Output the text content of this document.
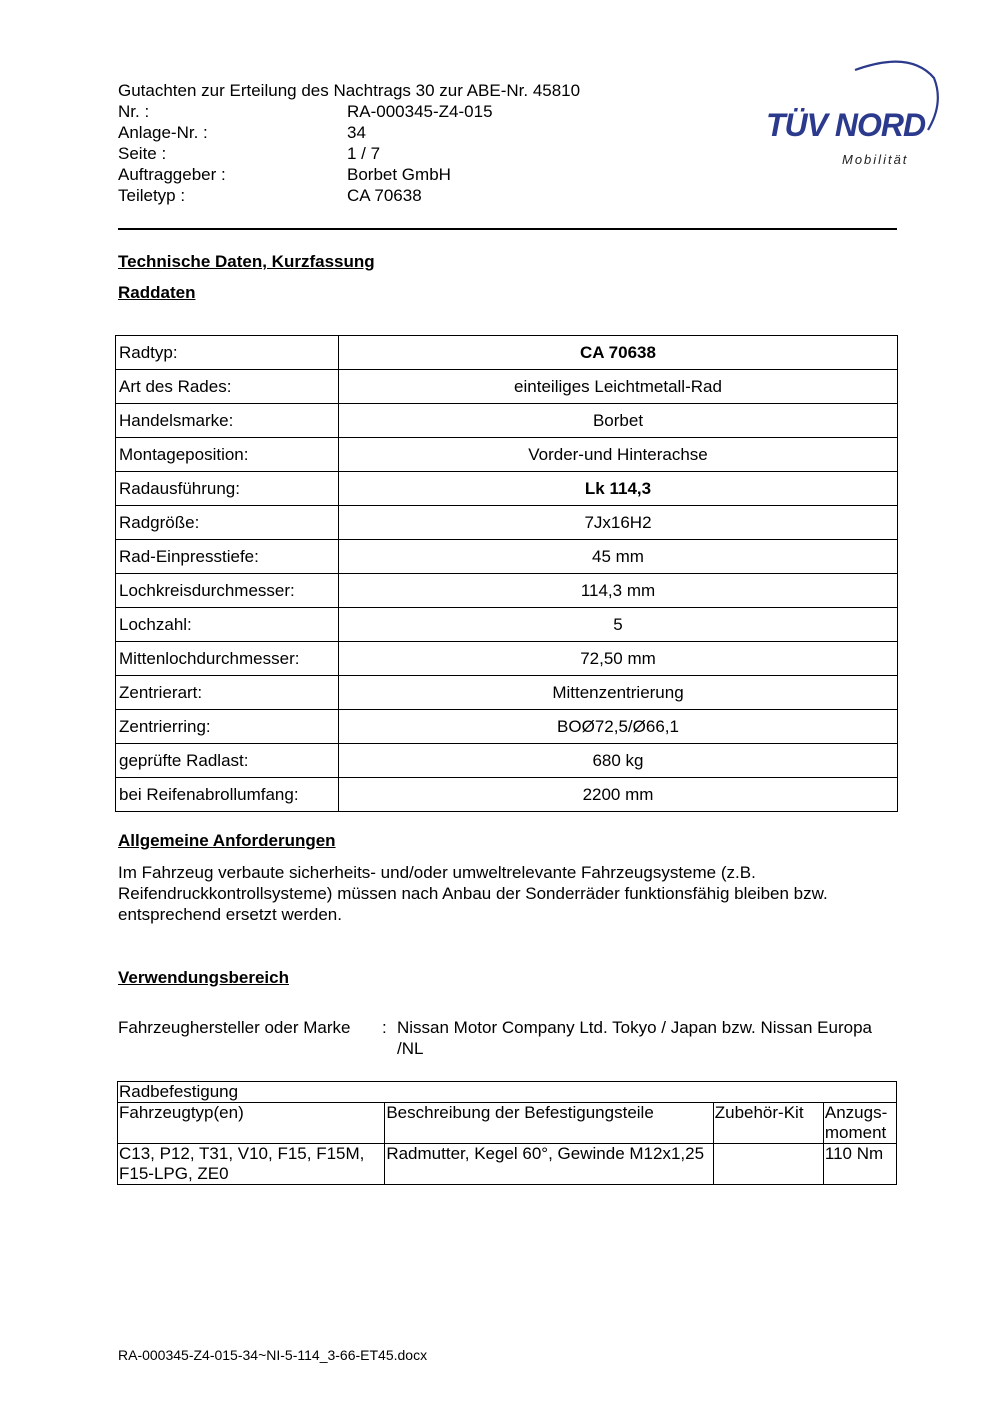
Gutachten zur Erteilung des Nachtrags 30 zur ABE-Nr. 45810
Nr. :	RA-000345-Z4-015
Anlage-Nr. :	34
Seite :	1 / 7
Auftraggeber :	Borbet GmbH
Teiletyp :	CA 70638
TÜV NORD
Mobilität
Technische Daten, Kurzfassung
Raddaten
Radtyp:	CA 70638
Art des Rades:	einteiliges Leichtmetall-Rad
Handelsmarke:	Borbet
Montageposition:	Vorder-und Hinterachse
Radausführung:	Lk 114,3
Radgröße:	7Jx16H2
Rad-Einpresstiefe:	45 mm
Lochkreisdurchmesser:	114,3 mm
Lochzahl:	5
Mittenlochdurchmesser:	72,50 mm
Zentrierart:	Mittenzentrierung
Zentrierring:	BOØ72,5/Ø66,1
geprüfte Radlast:	680 kg
bei Reifenabrollumfang:	2200 mm
Allgemeine Anforderungen
Im Fahrzeug verbaute sicherheits- und/oder umweltrelevante Fahrzeugsysteme (z.B. Reifendruckkontrollsysteme) müssen nach Anbau der Sonderräder funktionsfähig bleiben bzw. entsprechend ersetzt werden.
Verwendungsbereich
Fahrzeughersteller oder Marke : Nissan Motor Company Ltd. Tokyo / Japan bzw. Nissan Europa /NL
Radbefestigung			
Fahrzeugtyp(en)	Beschreibung der Befestigungsteile	Zubehör-Kit	Anzugs-moment
C13, P12, T31, V10, F15, F15M, F15-LPG, ZE0	Radmutter, Kegel 60°, Gewinde M12x1,25		110 Nm
RA-000345-Z4-015-34~NI-5-114_3-66-ET45.docx
